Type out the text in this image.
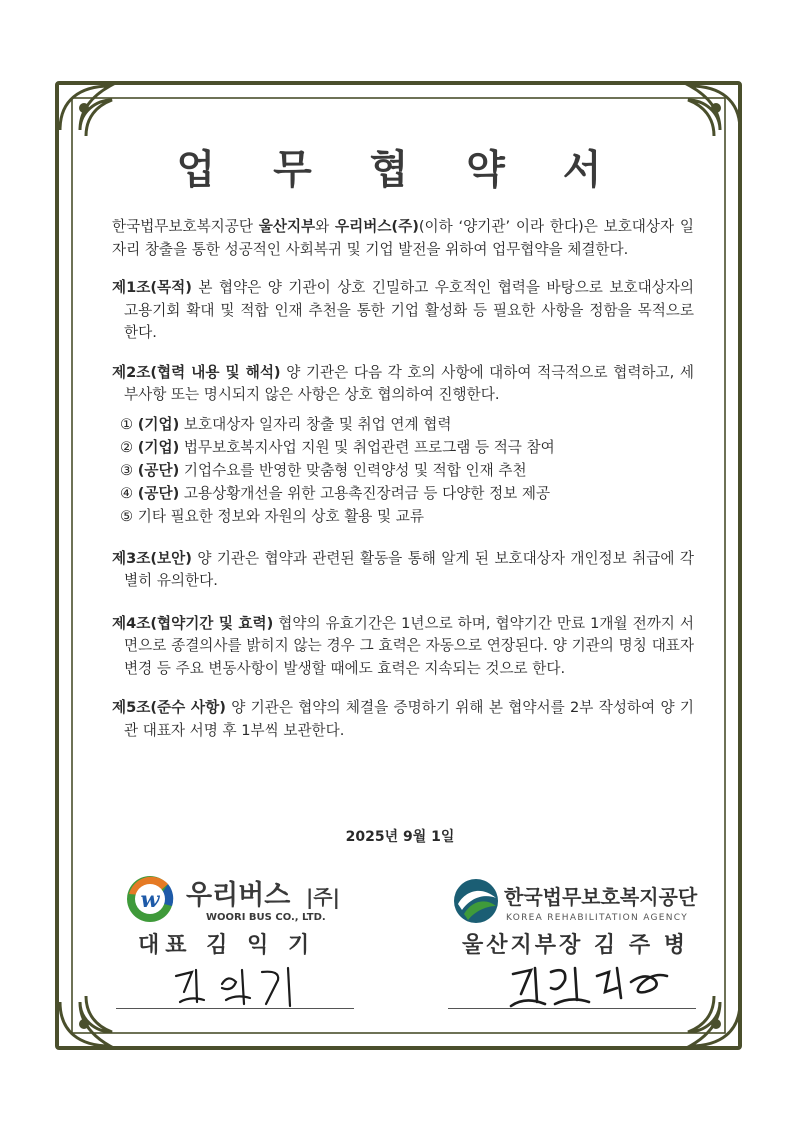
업 무 협 약 서

한국법무보호복지공단 울산지부와 우리버스(주)(이하 ‘양기관’ 이라 한다)은 보호대상자 일자리 창출을 통한 성공적인 사회복귀 및 기업 발전을 위하여 업무협약을 체결한다.

제1조(목적) 본 협약은 양 기관이 상호 긴밀하고 우호적인 협력을 바탕으로 보호대상자의 고용기회 확대 및 적합 인재 추천을 통한 기업 활성화 등 필요한 사항을 정함을 목적으로 한다.

제2조(협력 내용 및 해석) 양 기관은 다음 각 호의 사항에 대하여 적극적으로 협력하고, 세부사항 또는 명시되지 않은 사항은 상호 협의하여 진행한다.

① (기업) 보호대상자 일자리 창출 및 취업 연계 협력
② (기업) 법무보호복지사업 지원 및 취업관련 프로그램 등 적극 참여
③ (공단) 기업수요를 반영한 맞춤형 인력양성 및 적합 인재 추천
④ (공단) 고용상황개선을 위한 고용촉진장려금 등 다양한 정보 제공
⑤ 기타 필요한 정보와 자원의 상호 활용 및 교류

제3조(보안) 양 기관은 협약과 관련된 활동을 통해 알게 된 보호대상자 개인정보 취급에 각별히 유의한다.

제4조(협약기간 및 효력) 협약의 유효기간은 1년으로 하며, 협약기간 만료 1개월 전까지 서면으로 종결의사를 밝히지 않는 경우 그 효력은 자동으로 연장된다. 양 기관의 명칭 대표자 변경 등 주요 변동사항이 발생할 때에도 효력은 지속되는 것으로 한다.

제5조(준수 사항) 양 기관은 협약의 체결을 증명하기 위해 본 협약서를 2부 작성하여 양 기관 대표자 서명 후 1부씩 보관한다.

2025년 9월 1일
w 우리버스 |주|
WOORI BUS CO., LTD.
한국법무보호복지공단
KOREA REHABILITATION AGENCY
대표 김 익 기	울산지부장 김 주 병
